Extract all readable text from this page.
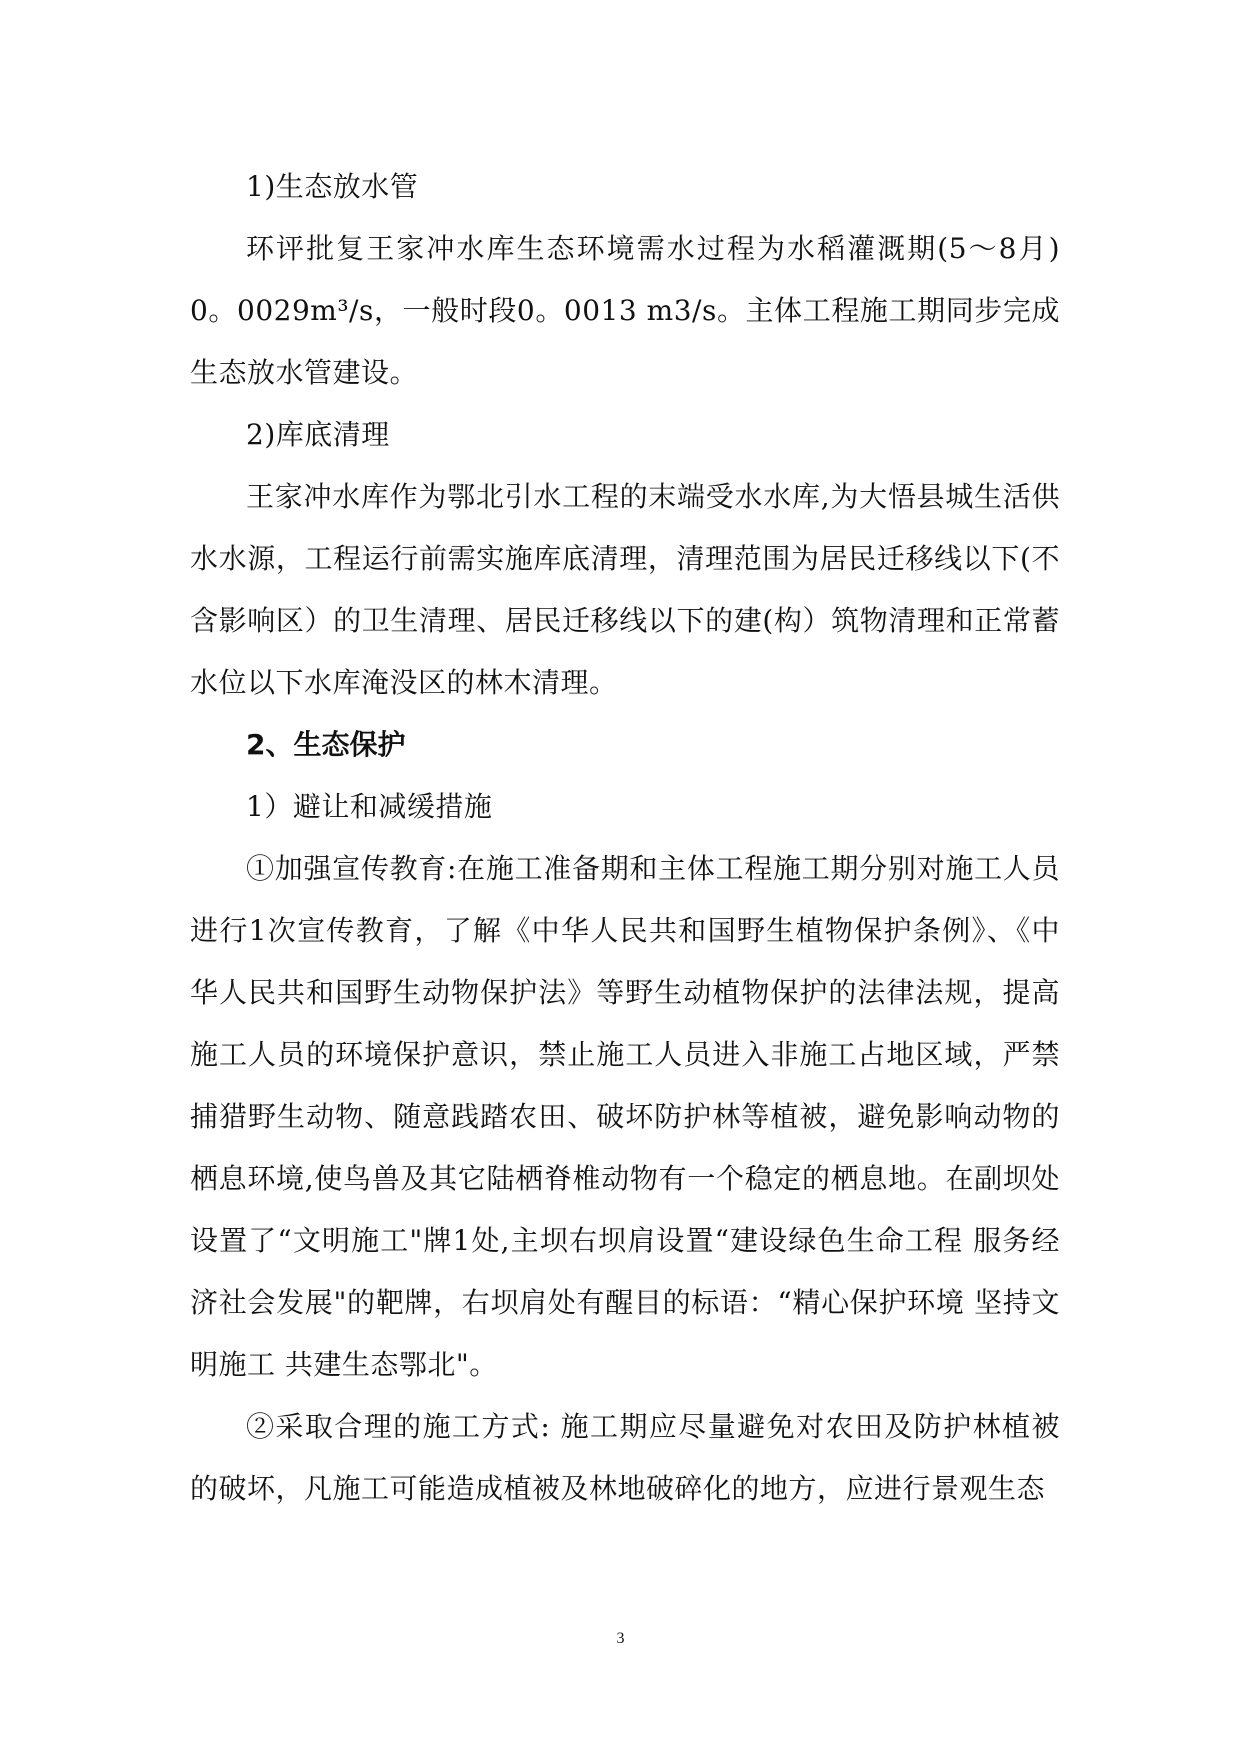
1)生态放水管

环评批复王家冲水库生态环境需水过程为水稻灌溉期(5～8月)0。0029m³/s，一般时段0。0013 m3/s。主体工程施工期同步完成生态放水管建设。

2)库底清理

王家冲水库作为鄂北引水工程的末端受水水库,为大悟县城生活供水水源，工程运行前需实施库底清理，清理范围为居民迁移线以下(不含影响区）的卫生清理、居民迁移线以下的建(构）筑物清理和正常蓄水位以下水库淹没区的林木清理。

2、生态保护

1）避让和减缓措施

①加强宣传教育:在施工准备期和主体工程施工期分别对施工人员进行1次宣传教育，了解《中华人民共和国野生植物保护条例》、《中华人民共和国野生动物保护法》等野生动植物保护的法律法规，提高施工人员的环境保护意识，禁止施工人员进入非施工占地区域，严禁捕猎野生动物、随意践踏农田、破坏防护林等植被，避免影响动物的栖息环境,使鸟兽及其它陆栖脊椎动物有一个稳定的栖息地。在副坝处设置了“文明施工"牌1处,主坝右坝肩设置“建设绿色生命工程 服务经济社会发展"的靶牌，右坝肩处有醒目的标语：“精心保护环境 坚持文明施工 共建生态鄂北"。

②采取合理的施工方式: 施工期应尽量避免对农田及防护林植被的破坏，凡施工可能造成植被及林地破碎化的地方，应进行景观生态

3
